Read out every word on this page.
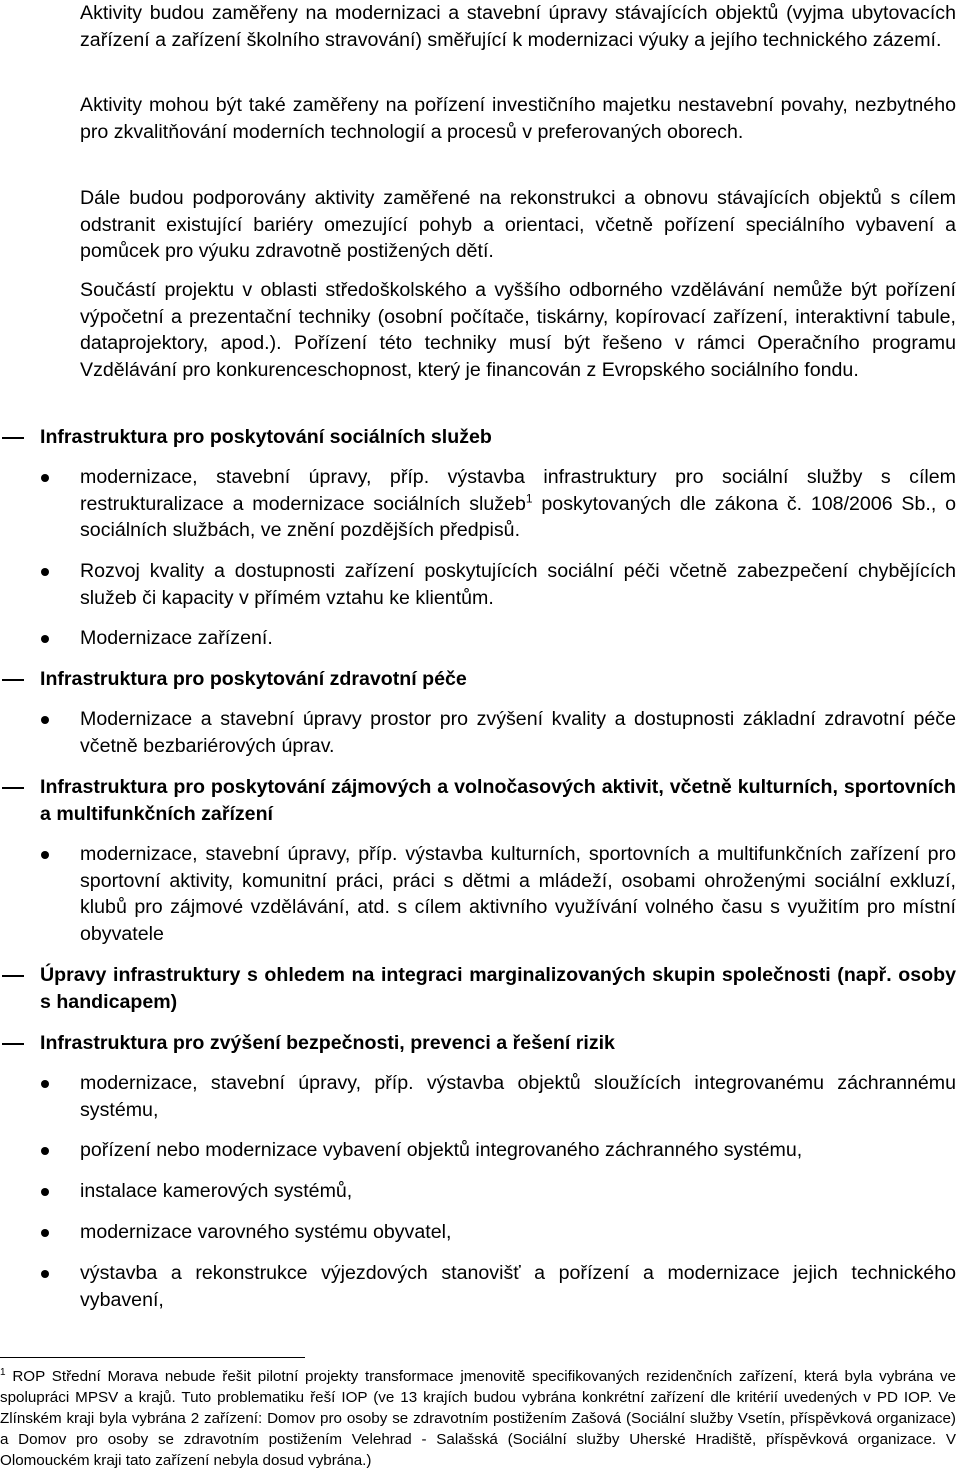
Aktivity budou zaměřeny na modernizaci a stavební úpravy stávajících objektů (vyjma ubytovacích zařízení a zařízení školního stravování) směřující k modernizaci výuky a jejího technického zázemí.

Aktivity mohou být také zaměřeny na pořízení investičního majetku nestavební povahy, nezbytného pro zkvalitňování moderních technologií a procesů v preferovaných oborech.

Dále budou podporovány aktivity zaměřené na rekonstrukci a obnovu stávajících objektů s cílem odstranit existující bariéry omezující pohyb a orientaci, včetně pořízení speciálního vybavení a pomůcek pro výuku zdravotně postižených dětí.

Součástí projektu v oblasti středoškolského a vyššího odborného vzdělávání nemůže být pořízení výpočetní a prezentační techniky (osobní počítače, tiskárny, kopírovací zařízení, interaktivní tabule, dataprojektory, apod.). Pořízení této techniky musí být řešeno v rámci Operačního programu Vzdělávání pro konkurenceschopnost, který je financován z Evropského sociálního fondu.

Infrastruktura pro poskytování sociálních služeb

modernizace, stavební úpravy, příp. výstavba infrastruktury pro sociální služby s cílem restrukturalizace a modernizace sociálních služeb$^1$ poskytovaných dle zákona č. 108/2006 Sb., o sociálních službách, ve znění pozdějších předpisů.

Rozvoj kvality a dostupnosti zařízení poskytujících sociální péči včetně zabezpečení chybějících služeb či kapacity v přímém vztahu ke klientům.

Modernizace zařízení.

Infrastruktura pro poskytování zdravotní péče

Modernizace a stavební úpravy prostor pro zvýšení kvality a dostupnosti základní zdravotní péče včetně bezbariérových úprav.

Infrastruktura pro poskytování zájmových a volnočasových aktivit, včetně kulturních, sportovních a multifunkčních zařízení

modernizace, stavební úpravy, příp. výstavba kulturních, sportovních a multifunkčních zařízení pro sportovní aktivity, komunitní práci, práci s dětmi a mládeží, osobami ohroženými sociální exkluzí, klubů pro zájmové vzdělávání, atd. s cílem aktivního využívání volného času s využitím pro místní obyvatele

Úpravy infrastruktury s ohledem na integraci marginalizovaných skupin společnosti (např. osoby s handicapem)

Infrastruktura pro zvýšení bezpečnosti, prevenci a řešení rizik

modernizace, stavební úpravy, příp. výstavba objektů sloužících integrovanému záchrannému systému,

pořízení nebo modernizace vybavení objektů integrovaného záchranného systému,

instalace kamerových systémů,

modernizace varovného systému obyvatel,

výstavba a rekonstrukce výjezdových stanovišť a pořízení a modernizace jejich technického vybavení,

$^1$ ROP Střední Morava nebude řešit pilotní projekty transformace jmenovitě specifikovaných rezidenčních zařízení, která byla vybrána ve spolupráci MPSV a krajů. Tuto problematiku řeší IOP (ve 13 krajích budou vybrána konkrétní zařízení dle kritérií uvedených v PD IOP. Ve Zlínském kraji byla vybrána 2 zařízení: Domov pro osoby se zdravotním postižením Zašová (Sociální služby Vsetín, příspěvková organizace) a Domov pro osoby se zdravotním postižením Velehrad - Salašská (Sociální služby Uherské Hradiště, příspěvková organizace. V Olomouckém kraji tato zařízení nebyla dosud vybrána.)
